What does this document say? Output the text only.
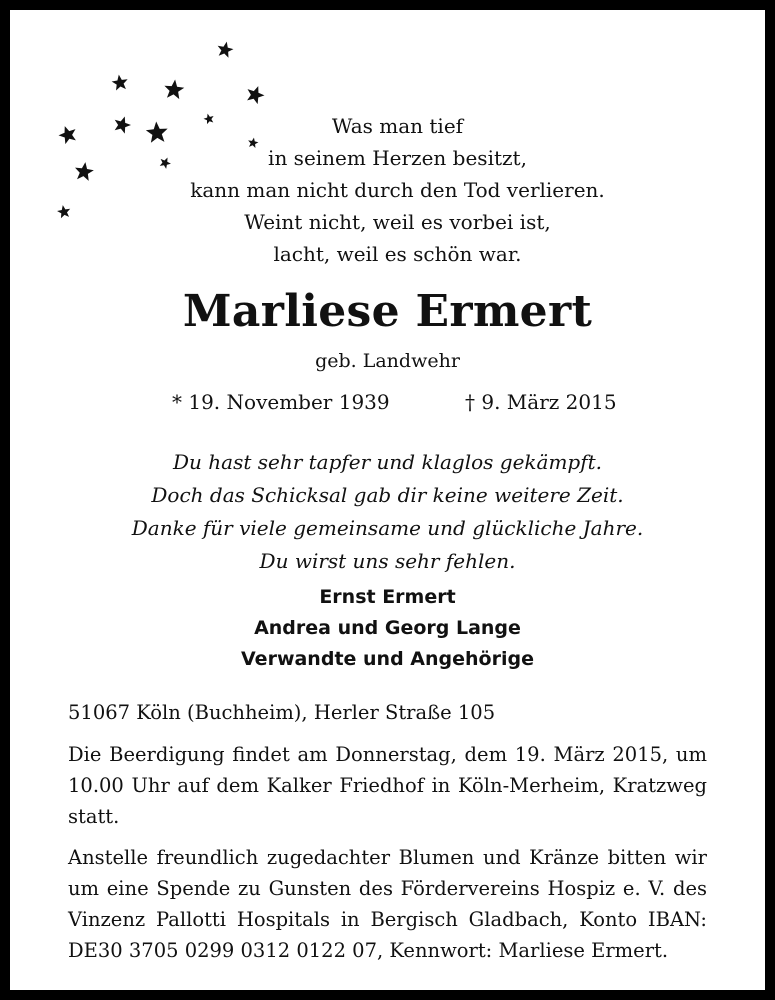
Was man tief
in seinem Herzen besitzt,
kann man nicht durch den Tod verlieren.
Weint nicht, weil es vorbei ist,
lacht, weil es schön war.
Marliese Ermert
geb. Landwehr
* 19. November 1939	† 9. März 2015
Du hast sehr tapfer und klaglos gekämpft.
Doch das Schicksal gab dir keine weitere Zeit.
Danke für viele gemeinsame und glückliche Jahre.
Du wirst uns sehr fehlen.
Ernst Ermert
Andrea und Georg Lange
Verwandte und Angehörige
51067 Köln (Buchheim), Herler Straße 105
Die Beerdigung findet am Donnerstag, dem 19. März 2015, um 10.00 Uhr auf dem Kalker Friedhof in Köln-Merheim, Kratzweg statt.
Anstelle freundlich zugedachter Blumen und Kränze bitten wir um eine Spende zu Gunsten des Fördervereins Hospiz e. V. des Vinzenz Pallotti Hospitals in Bergisch Gladbach, Konto IBAN: DE30 3705 0299 0312 0122 07, Kennwort: Marliese Ermert.
